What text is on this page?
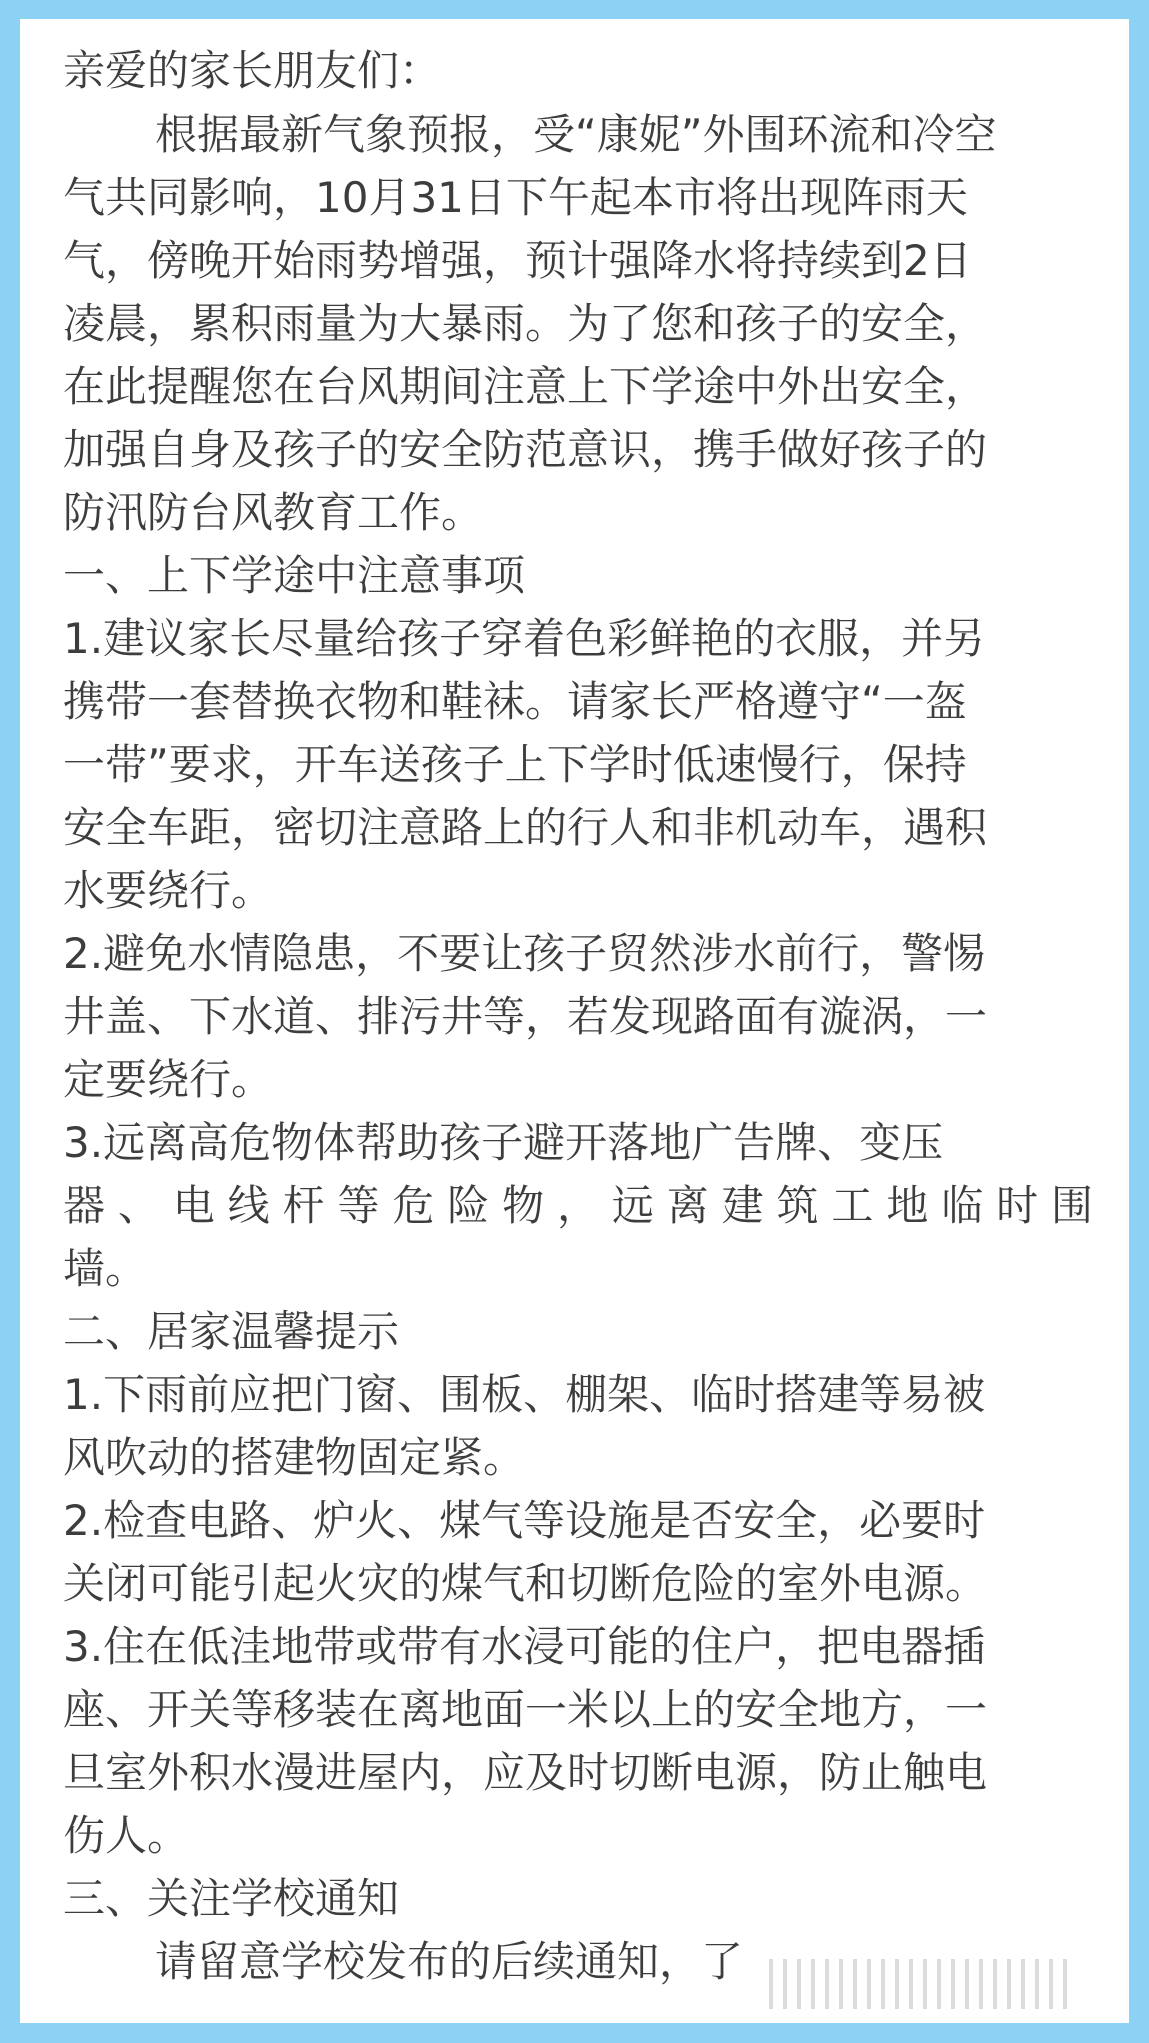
亲爱的家长朋友们：
根据最新气象预报，受“康妮”外围环流和冷空
气共同影响，10月31日下午起本市将出现阵雨天
气，傍晚开始雨势增强，预计强降水将持续到2日
凌晨，累积雨量为大暴雨。为了您和孩子的安全，
在此提醒您在台风期间注意上下学途中外出安全，
加强自身及孩子的安全防范意识，携手做好孩子的
防汛防台风教育工作。
一、上下学途中注意事项
1.建议家长尽量给孩子穿着色彩鲜艳的衣服，并另
携带一套替换衣物和鞋袜。请家长严格遵守“一盔
一带”要求，开车送孩子上下学时低速慢行，保持
安全车距，密切注意路上的行人和非机动车，遇积
水要绕行。
2.避免水情隐患，不要让孩子贸然涉水前行，警惕
井盖、下水道、排污井等，若发现路面有漩涡，一
定要绕行。
3.远离高危物体帮助孩子避开落地广告牌、变压
器、电线杆等危险物，远离建筑工地临时围
墙。
二、居家温馨提示
1.下雨前应把门窗、围板、棚架、临时搭建等易被
风吹动的搭建物固定紧。
2.检查电路、炉火、煤气等设施是否安全，必要时
关闭可能引起火灾的煤气和切断危险的室外电源。
3.住在低洼地带或带有水浸可能的住户，把电器插
座、开关等移装在离地面一米以上的安全地方，一
旦室外积水漫进屋内，应及时切断电源，防止触电
伤人。
三、关注学校通知
请留意学校发布的后续通知，了
